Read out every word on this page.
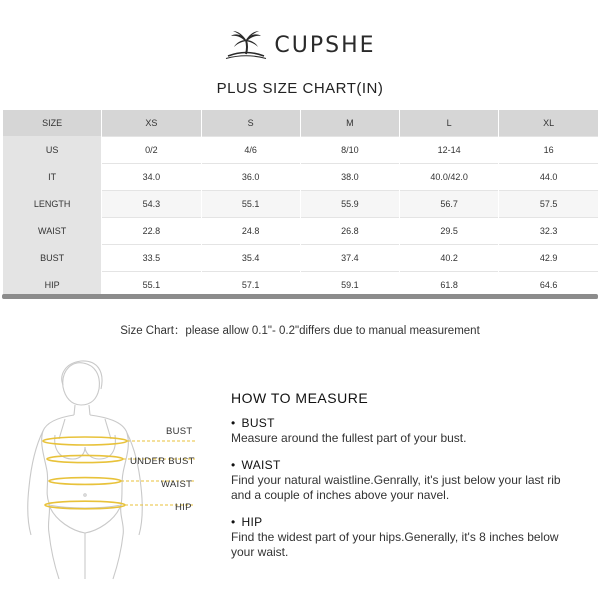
CUPSHE
PLUS SIZE CHART(IN)
SIZE	XS	S	M	L	XL
US	0/2	4/6	8/10	12-14	16
IT	34.0	36.0	38.0	40.0/42.0	44.0
LENGTH	54.3	55.1	55.9	56.7	57.5
WAIST	22.8	24.8	26.8	29.5	32.3
BUST	33.5	35.4	37.4	40.2	42.9
HIP	55.1	57.1	59.1	61.8	64.6
Size Chart：please allow 0.1"- 0.2"differs due to manual measurement
BUST
UNDER BUST
WAIST
HIP
HOW TO MEASURE
• BUST
Measure around the fullest part of your bust.
• WAIST
Find your natural waistline.Genrally, it's just below your last rib and a couple of inches above your navel.
• HIP
Find the widest part of your hips.Generally, it's 8 inches below your waist.
